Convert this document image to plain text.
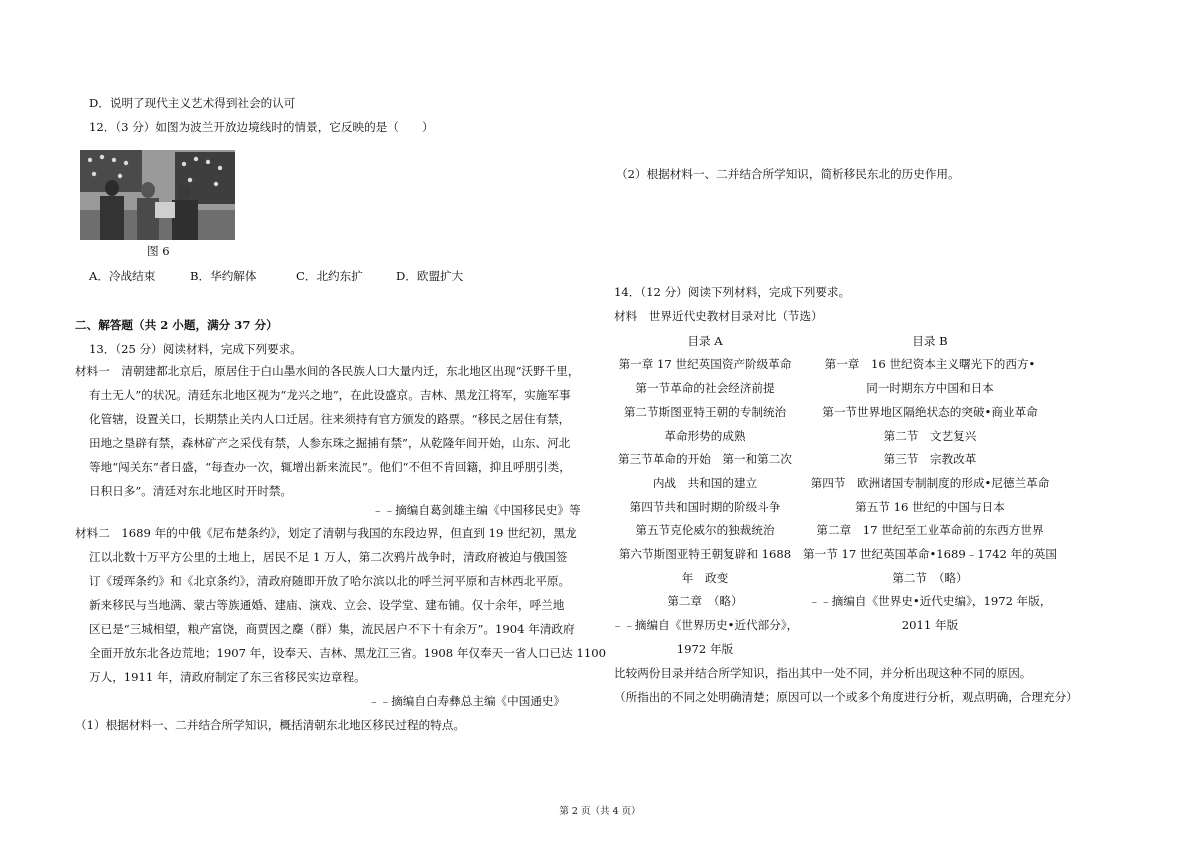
D．说明了现代主义艺术得到社会的认可
12．（3 分）如图为波兰开放边境线时的情景，它反映的是（　　）
图 6
A．冷战结束	B．华约解体	C．北约东扩	D．欧盟扩大
二、解答题（共 2 小题，满分 37 分）
13．（25 分）阅读材料，完成下列要求。
材料一　清朝建都北京后，原居住于白山墨水间的各民族人口大量内迁，东北地区出现“沃野千里，
有土无人”的状况。清廷东北地区视为“龙兴之地”，在此设盛京。吉林、黑龙江将军，实施军事
化管辖，设置关口，长期禁止关内人口迁居。往来须持有官方颁发的路票。“移民之居住有禁，
田地之垦辟有禁，森林矿产之采伐有禁，人参东珠之掘捕有禁”，从乾隆年间开始，山东、河北
等地“闯关东”者日盛，“每查办一次，辄增出新来流民”。他们“不但不肯回籍，抑且呼朋引类，
日积日多”。清廷对东北地区时开时禁。
﹣﹣摘编自葛剑雄主编《中国移民史》等
材料二　1689 年的中俄《尼布楚条约》，划定了清朝与我国的东段边界，但直到 19 世纪初，黑龙
江以北数十万平方公里的土地上，居民不足 1 万人，第二次鸦片战争时，清政府被迫与俄国签
订《瑷珲条约》和《北京条约》，清政府随即开放了哈尔滨以北的呼兰河平原和吉林西北平原。
新来移民与当地满、蒙古等族通婚、建庙、演戏、立会、设学堂、建布铺。仅十余年，呼兰地
区已是“三城相望，粮产富饶，商贾因之麇（群）集，流民居户不下十有余万”。1904 年清政府
全面开放东北各边荒地；1907 年，设奉天、吉林、黑龙江三省。1908 年仅奉天一省人口已达 1100
万人，1911 年，清政府制定了东三省移民实边章程。
﹣﹣摘编自白寿彝总主编《中国通史》
（1）根据材料一、二并结合所学知识，概括清朝东北地区移民过程的特点。
（2）根据材料一、二并结合所学知识，简析移民东北的历史作用。
14．（12 分）阅读下列材料，完成下列要求。
材料　世界近代史教材目录对比（节选）
目录 A
第一章 17 世纪英国资产阶级革命
第一节革命的社会经济前提
第二节斯图亚特王朝的专制统治
革命形势的成熟
第三节革命的开始　第一和第二次
内战　共和国的建立
第四节共和国时期的阶级斗争
第五节克伦威尔的独裁统治
第六节斯图亚特王朝复辟和 1688
年　政变
第二章　（略）
﹣﹣摘编自《世界历史•近代部分》，
1972 年版
目录 B
第一章　16 世纪资本主义曙光下的西方•
同一时期东方中国和日本
第一节世界地区隔绝状态的突破•商业革命
第二节　文艺复兴
第三节　宗教改革
第四节　欧洲诸国专制制度的形成•尼德兰革命
第五节 16 世纪的中国与日本
第二章　17 世纪至工业革命前的东西方世界
第一节 17 世纪英国革命•1689﹣1742 年的英国
第二节　（略）
﹣﹣摘编自《世界史•近代史编》，1972 年版，
2011 年版
比较两份目录并结合所学知识，指出其中一处不同，并分析出现这种不同的原因。
（所指出的不同之处明确清楚；原因可以一个或多个角度进行分析，观点明确，合理充分）
第 2 页（共 4 页）
